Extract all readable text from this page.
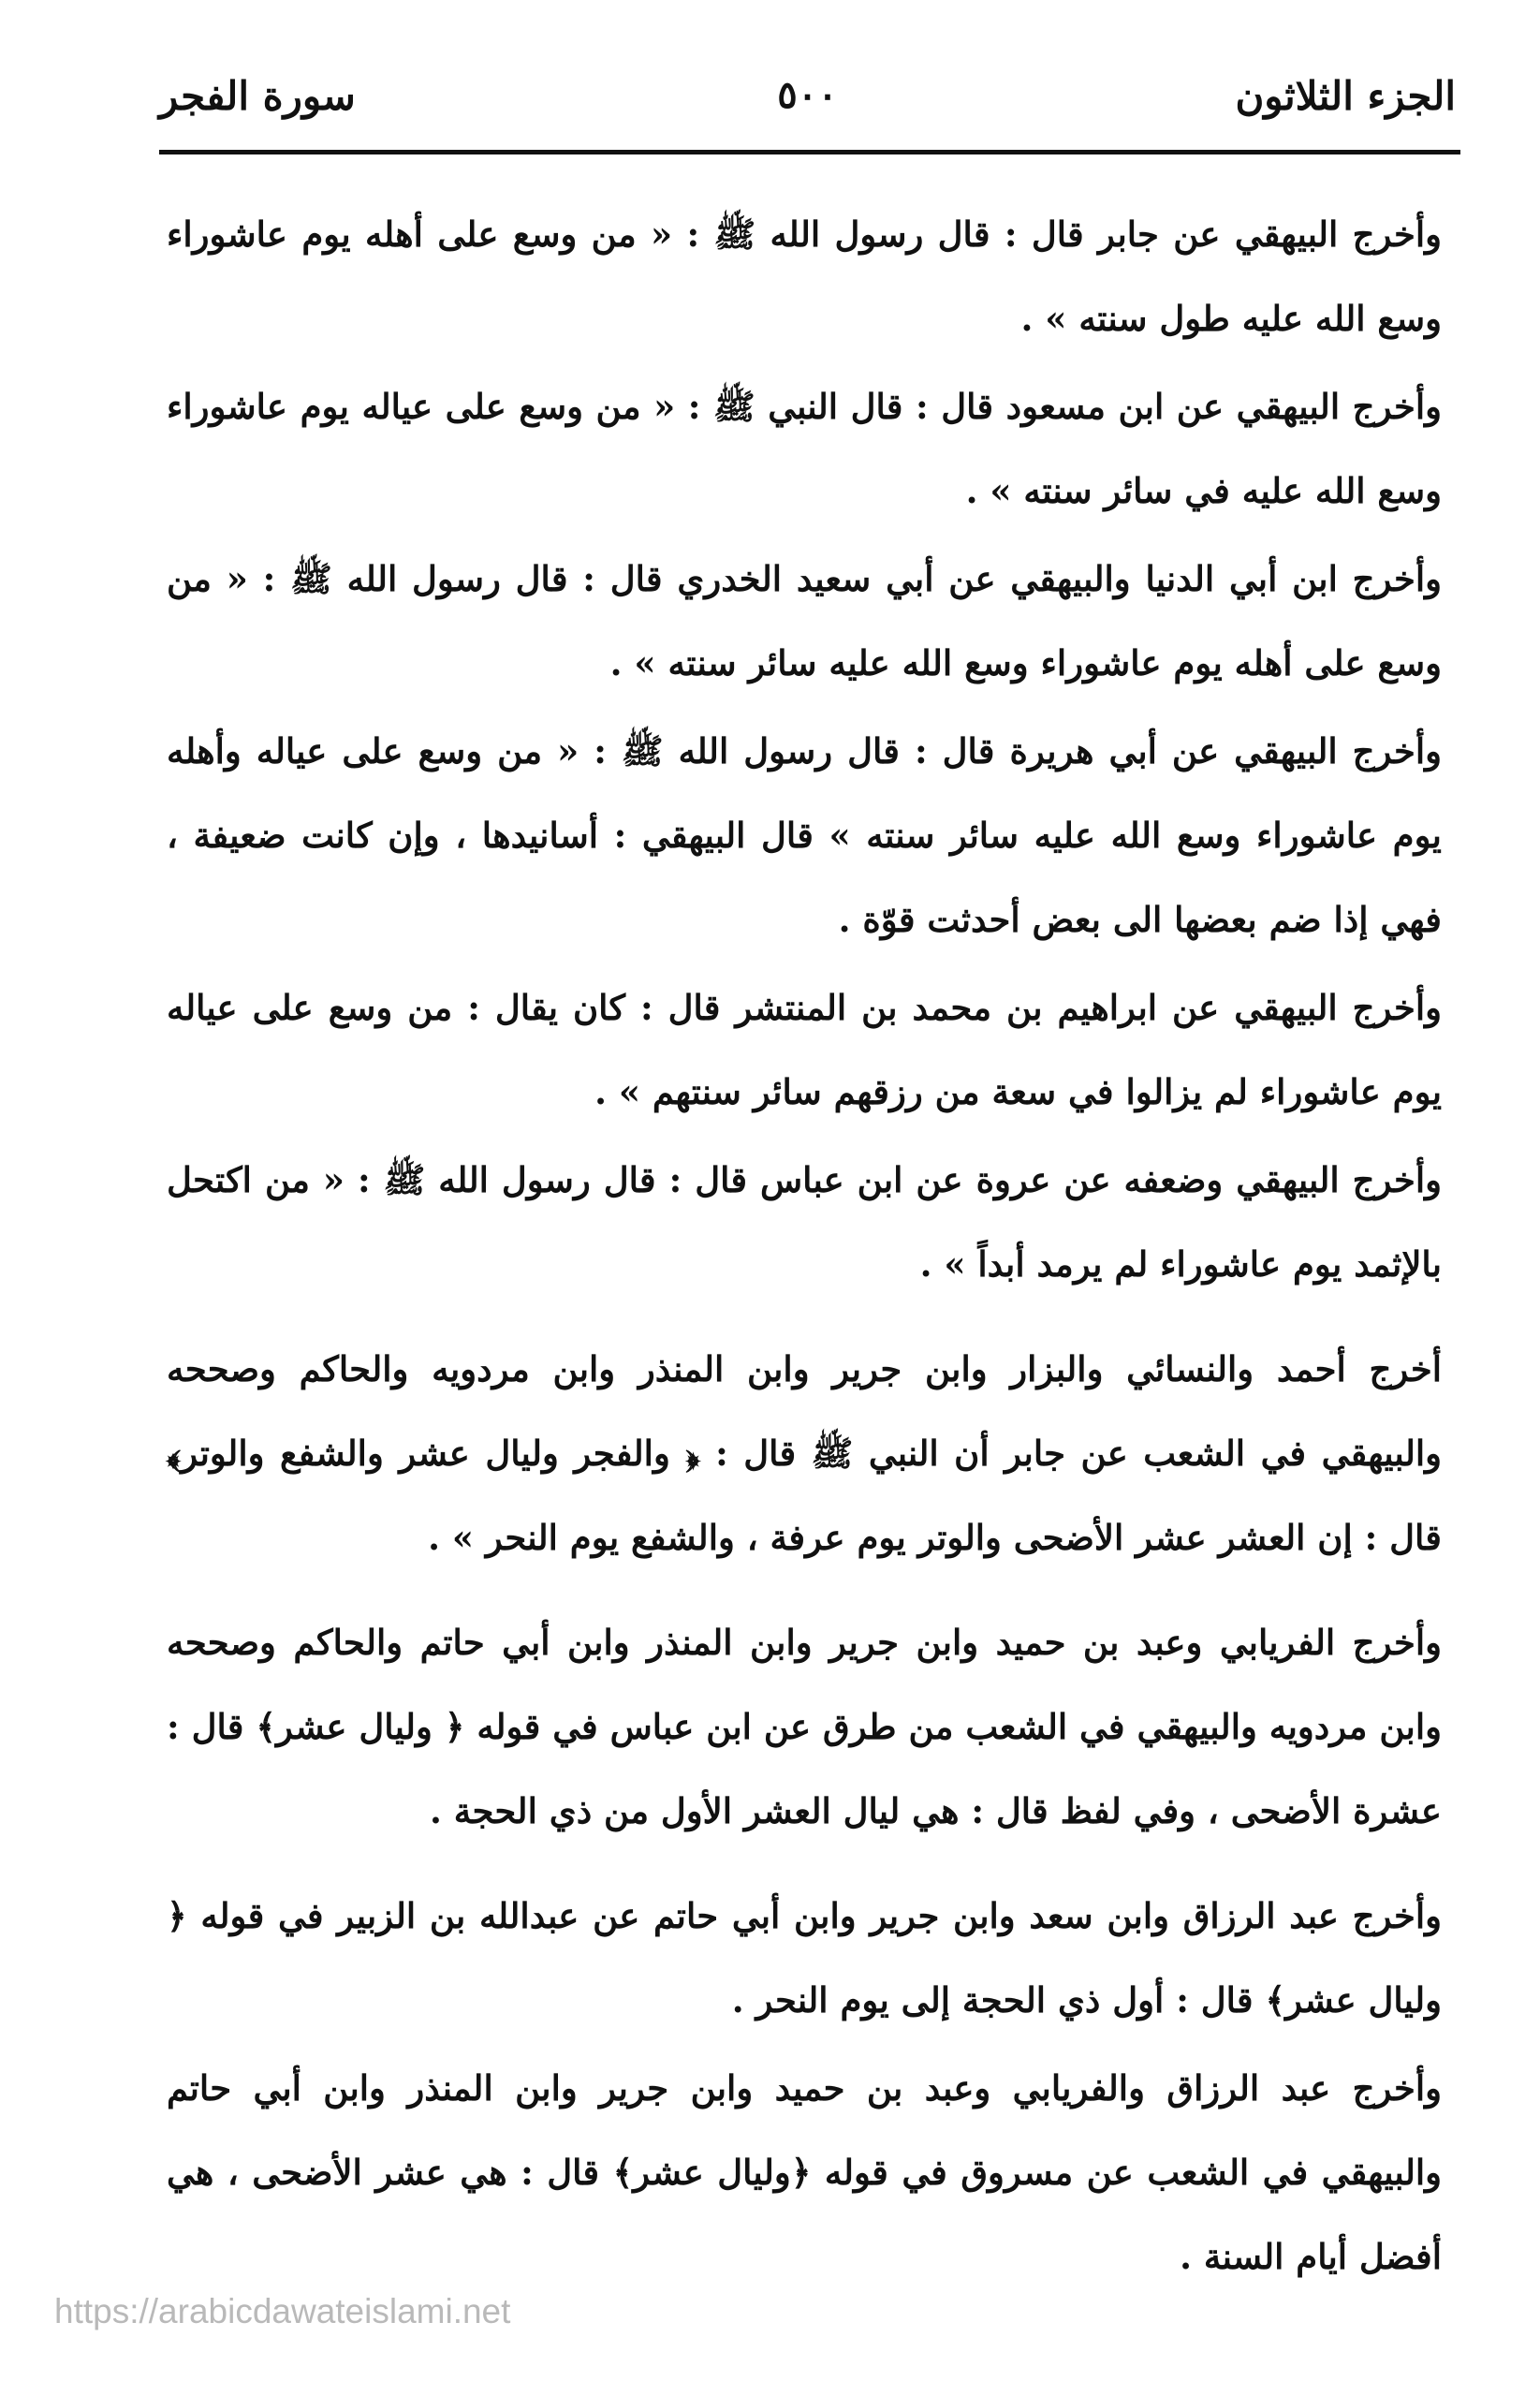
الجزء الثلاثون
٥٠٠
سورة الفجر

وأخرج البيهقي عن جابر قال : قال رسول الله ﷺ : « من وسع على أهله يوم عاشوراء وسع الله عليه طول سنته » .

وأخرج البيهقي عن ابن مسعود قال : قال النبي ﷺ : « من وسع على عياله يوم عاشوراء وسع الله عليه في سائر سنته » .

وأخرج ابن أبي الدنيا والبيهقي عن أبي سعيد الخدري قال : قال رسول الله ﷺ : « من وسع على أهله يوم عاشوراء وسع الله عليه سائر سنته » .

وأخرج البيهقي عن أبي هريرة قال : قال رسول الله ﷺ : « من وسع على عياله وأهله يوم عاشوراء وسع الله عليه سائر سنته » قال البيهقي : أسانيدها ، وإن كانت ضعيفة ، فهي إذا ضم بعضها الى بعض أحدثت قوّة .

وأخرج البيهقي عن ابراهيم بن محمد بن المنتشر قال : كان يقال : من وسع على عياله يوم عاشوراء لم يزالوا في سعة من رزقهم سائر سنتهم » .

وأخرج البيهقي وضعفه عن عروة عن ابن عباس قال : قال رسول الله ﷺ : « من اكتحل بالإثمد يوم عاشوراء لم يرمد أبداً » .

أخرج أحمد والنسائي والبزار وابن جرير وابن المنذر وابن مردويه والحاكم وصححه والبيهقي في الشعب عن جابر أن النبي ﷺ قال : ﴿ والفجر وليال عشر والشفع والوتر﴾ قال : إن العشر عشر الأضحى والوتر يوم عرفة ، والشفع يوم النحر » .

وأخرج الفريابي وعبد بن حميد وابن جرير وابن المنذر وابن أبي حاتم والحاكم وصححه وابن مردويه والبيهقي في الشعب من طرق عن ابن عباس في قوله ﴿ وليال عشر﴾ قال : عشرة الأضحى ، وفي لفظ قال : هي ليال العشر الأول من ذي الحجة .

وأخرج عبد الرزاق وابن سعد وابن جرير وابن أبي حاتم عن عبدالله بن الزبير في قوله ﴿ وليال عشر﴾ قال : أول ذي الحجة إلى يوم النحر .

وأخرج عبد الرزاق والفريابي وعبد بن حميد وابن جرير وابن المنذر وابن أبي حاتم والبيهقي في الشعب عن مسروق في قوله ﴿وليال عشر﴾ قال : هي عشر الأضحى ، هي أفضل أيام السنة .

https://arabicdawateislami.net
